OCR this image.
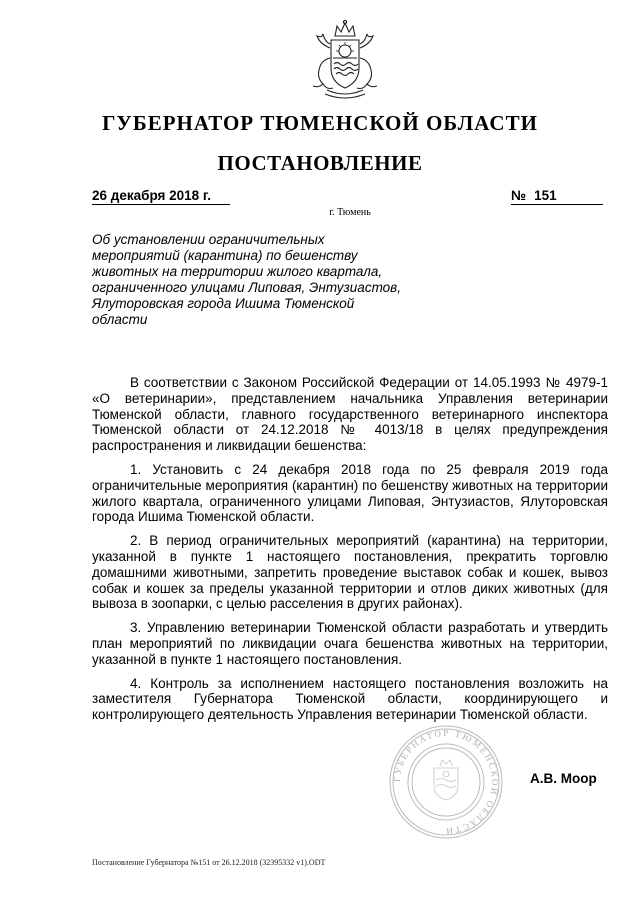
ГУБЕРНАТОР ТЮМЕНСКОЙ ОБЛАСТИ
ПОСТАНОВЛЕНИЕ
26 декабря 2018 г.	№ 151
г. Тюмень

Об установлении ограничительных мероприятий (карантина) по бешенству животных на территории жилого квартала, ограниченного улицами Липовая, Энтузиастов, Ялуторовская города Ишима Тюменской области

В соответствии с Законом Российской Федерации от 14.05.1993 № 4979-1 «О ветеринарии», представлением начальника Управления ветеринарии Тюменской области, главного государственного ветеринарного инспектора Тюменской области от 24.12.2018 № 4013/18 в целях предупреждения распространения и ликвидации бешенства:

1. Установить с 24 декабря 2018 года по 25 февраля 2019 года ограничительные мероприятия (карантин) по бешенству животных на территории жилого квартала, ограниченного улицами Липовая, Энтузиастов, Ялуторовская города Ишима Тюменской области.

2. В период ограничительных мероприятий (карантина) на территории, указанной в пункте 1 настоящего постановления, прекратить торговлю домашними животными, запретить проведение выставок собак и кошек, вывоз собак и кошек за пределы указанной территории и отлов диких животных (для вывоза в зоопарки, с целью расселения в других районах).

3. Управлению ветеринарии Тюменской области разработать и утвердить план мероприятий по ликвидации очага бешенства животных на территории, указанной в пункте 1 настоящего постановления.

4. Контроль за исполнением настоящего постановления возложить на заместителя Губернатора Тюменской области, координирующего и контролирующего деятельность Управления ветеринарии Тюменской области.

ГУБЕРНАТОР ТЮМЕНСКОЙ ОБЛАСТИ
А.В. Моор
Постановление Губернатора №151 от 26.12.2018 (32395332 v1).ODT
